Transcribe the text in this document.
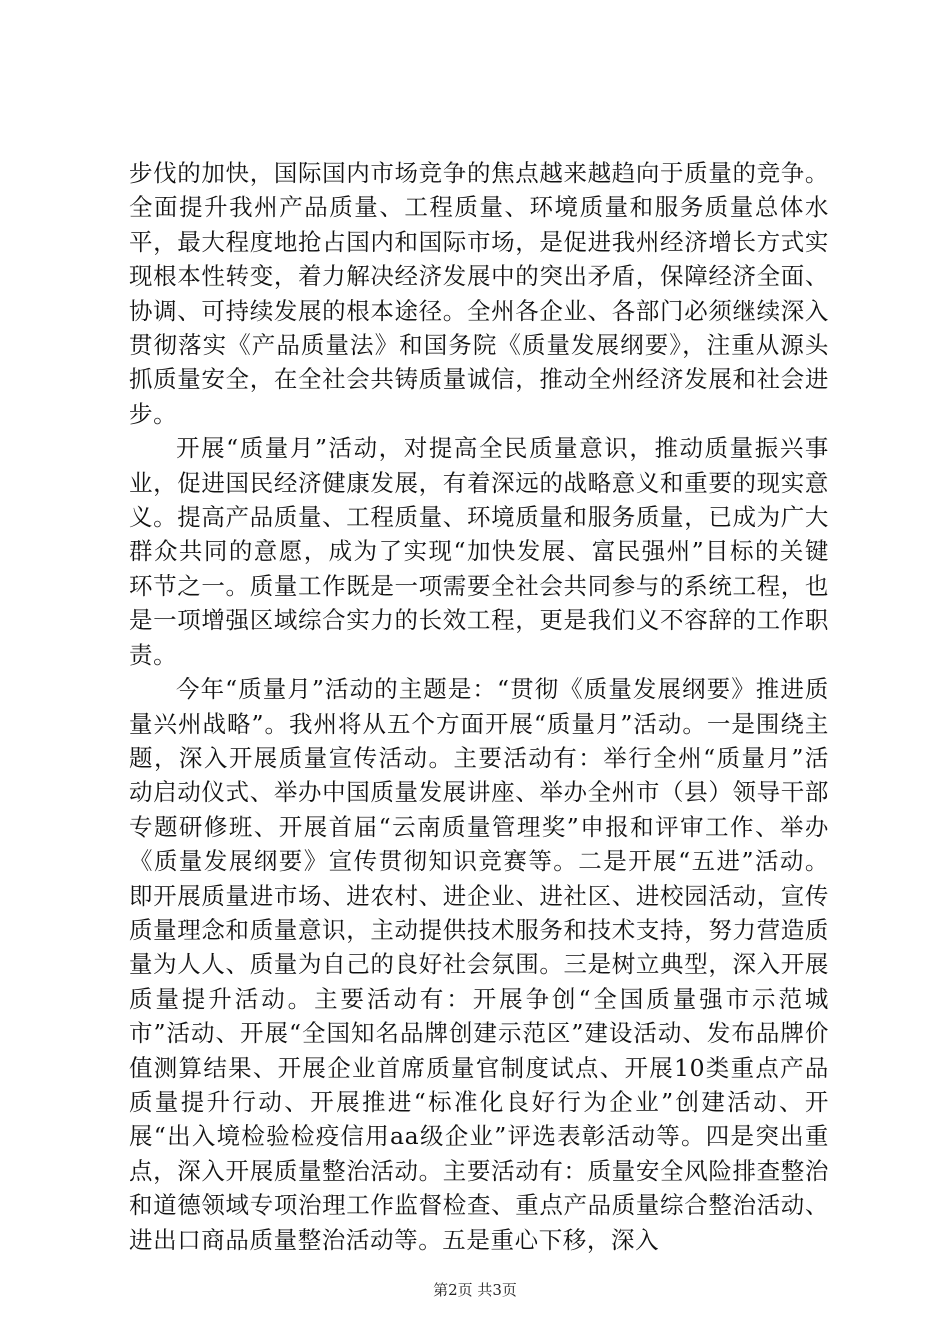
步伐的加快，国际国内市场竞争的焦点越来越趋向于质量的竞争。全面提升我州产品质量、工程质量、环境质量和服务质量总体水平，最大程度地抢占国内和国际市场，是促进我州经济增长方式实现根本性转变，着力解决经济发展中的突出矛盾，保障经济全面、协调、可持续发展的根本途径。全州各企业、各部门必须继续深入贯彻落实《产品质量法》和国务院《质量发展纲要》，注重从源头抓质量安全，在全社会共铸质量诚信，推动全州经济发展和社会进步。

开展“质量月”活动，对提高全民质量意识，推动质量振兴事业，促进国民经济健康发展，有着深远的战略意义和重要的现实意义。提高产品质量、工程质量、环境质量和服务质量，已成为广大群众共同的意愿，成为了实现“加快发展、富民强州”目标的关键环节之一。质量工作既是一项需要全社会共同参与的系统工程，也是一项增强区域综合实力的长效工程，更是我们义不容辞的工作职责。

今年“质量月”活动的主题是：“贯彻《质量发展纲要》推进质量兴州战略”。我州将从五个方面开展“质量月”活动。一是围绕主题，深入开展质量宣传活动。主要活动有：举行全州“质量月”活动启动仪式、举办中国质量发展讲座、举办全州市（县）领导干部专题研修班、开展首届“云南质量管理奖”申报和评审工作、举办《质量发展纲要》宣传贯彻知识竞赛等。二是开展“五进”活动。即开展质量进市场、进农村、进企业、进社区、进校园活动，宣传质量理念和质量意识，主动提供技术服务和技术支持，努力营造质量为人人、质量为自己的良好社会氛围。三是树立典型，深入开展质量提升活动。主要活动有：开展争创“全国质量强市示范城市”活动、开展“全国知名品牌创建示范区”建设活动、发布品牌价值测算结果、开展企业首席质量官制度试点、开展10类重点产品质量提升行动、开展推进“标准化良好行为企业”创建活动、开展“出入境检验检疫信用aa级企业”评选表彰活动等。四是突出重点，深入开展质量整治活动。主要活动有：质量安全风险排查整治和道德领域专项治理工作监督检查、重点产品质量综合整治活动、进出口商品质量整治活动等。五是重心下移，深入

第2页 共3页
